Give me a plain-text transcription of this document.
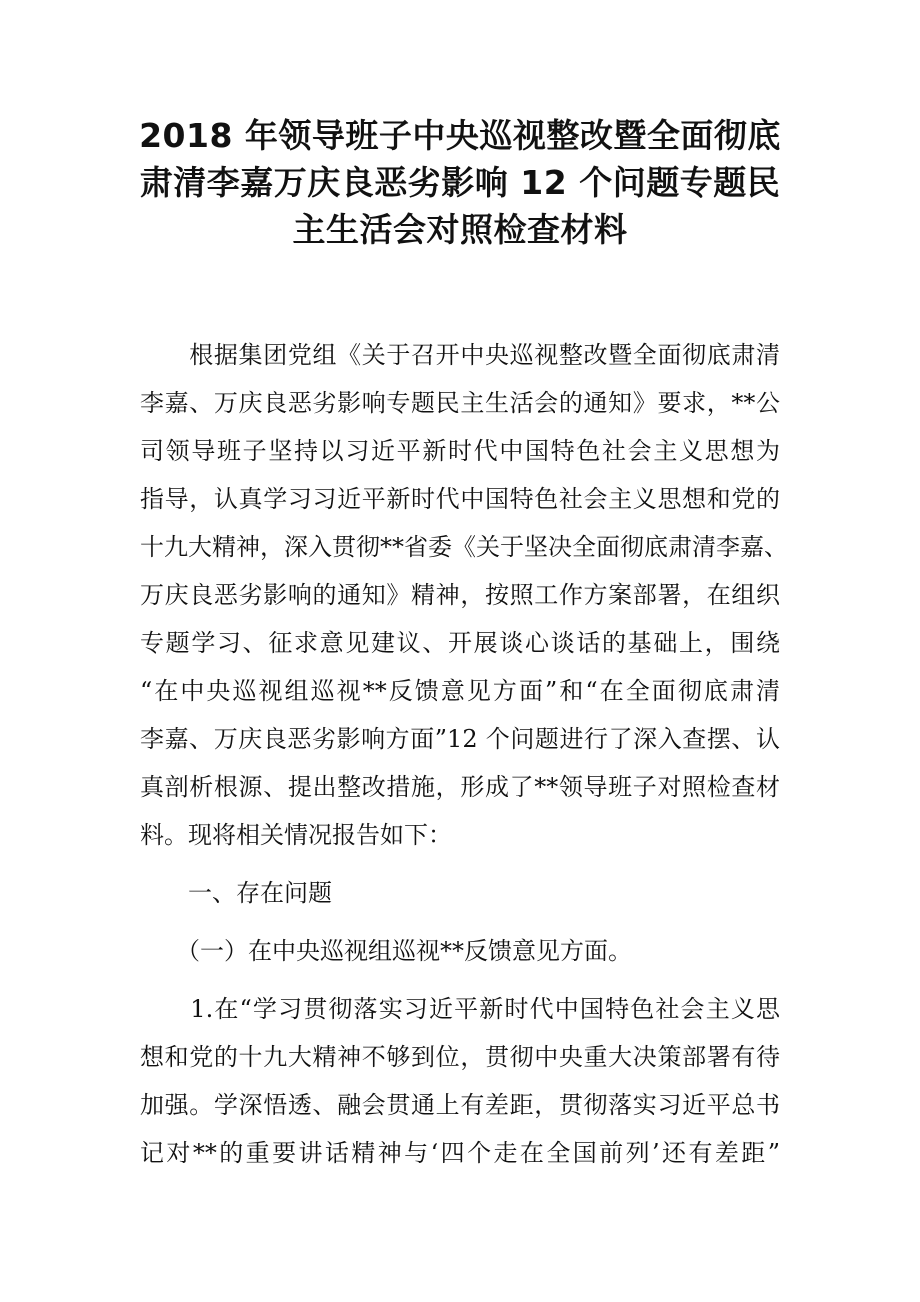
2018 年领导班子中央巡视整改暨全面彻底
肃清李嘉万庆良恶劣影响 12 个问题专题民
主生活会对照检查材料

　　根据集团党组《关于召开中央巡视整改暨全面彻底肃清
李嘉、万庆良恶劣影响专题民主生活会的通知》要求，**公
司领导班子坚持以习近平新时代中国特色社会主义思想为
指导，认真学习习近平新时代中国特色社会主义思想和党的
十九大精神，深入贯彻**省委《关于坚决全面彻底肃清李嘉、
万庆良恶劣影响的通知》精神，按照工作方案部署，在组织
专题学习、征求意见建议、开展谈心谈话的基础上，围绕
“在中央巡视组巡视**反馈意见方面”和“在全面彻底肃清
李嘉、万庆良恶劣影响方面”12 个问题进行了深入查摆、认
真剖析根源、提出整改措施，形成了**领导班子对照检查材
料。现将相关情况报告如下：

　　一、存在问题

　　（一）在中央巡视组巡视**反馈意见方面。

　　1.在“学习贯彻落实习近平新时代中国特色社会主义思
想和党的十九大精神不够到位，贯彻中央重大决策部署有待
加强。学深悟透、融会贯通上有差距，贯彻落实习近平总书
记对**的重要讲话精神与‘四个走在全国前列’还有差距”
